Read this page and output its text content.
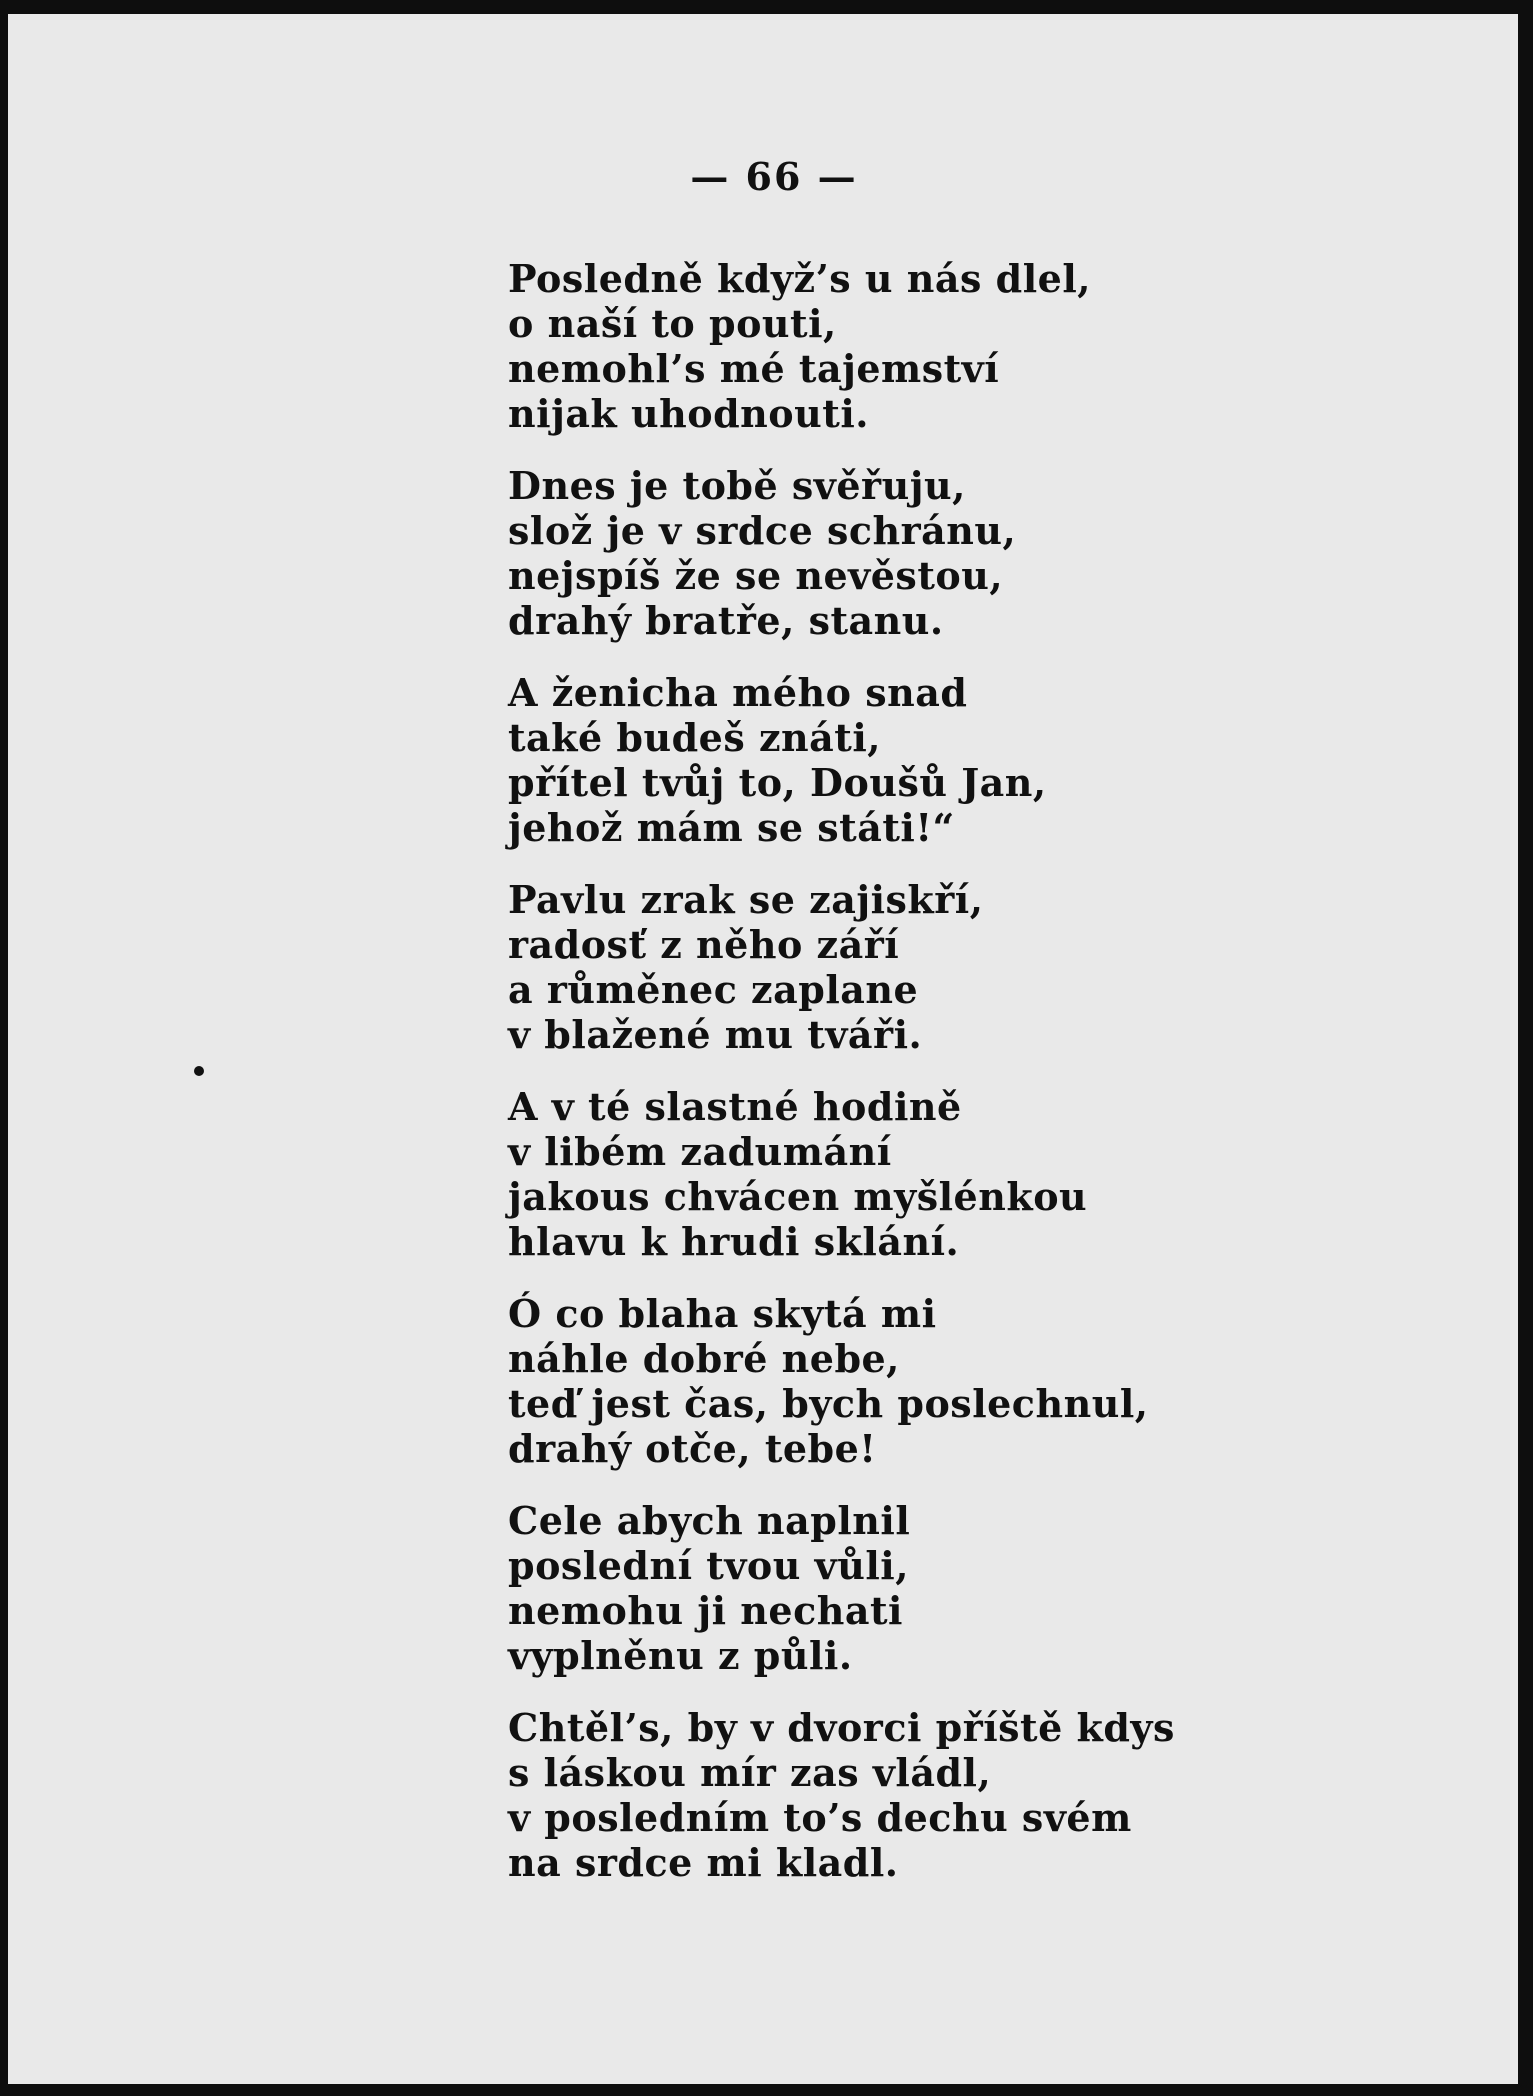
— 66 —
Posledně když’s u nás dlel,
o naší to pouti,
nemohl’s mé tajemství
nijak uhodnouti.
Dnes je tobě svěřuju,
slož je v srdce schránu,
nejspíš že se nevěstou,
drahý bratře, stanu.
A ženicha mého snad
také budeš znáti,
přítel tvůj to, Doušů Jan,
jehož mám se státi!“
Pavlu zrak se zajiskří,
radosť z něho září
a růměnec zaplane
v blažené mu tváři.
A v té slastné hodině
v libém zadumání
jakous chvácen myšlénkou
hlavu k hrudi sklání.
Ó co blaha skytá mi
náhle dobré nebe,
teď jest čas, bych poslechnul,
drahý otče, tebe!
Cele abych naplnil
poslední tvou vůli,
nemohu ji nechati
vyplněnu z půli.
Chtěl’s, by v dvorci příště kdys
s láskou mír zas vládl,
v posledním to’s dechu svém
na srdce mi kladl.
